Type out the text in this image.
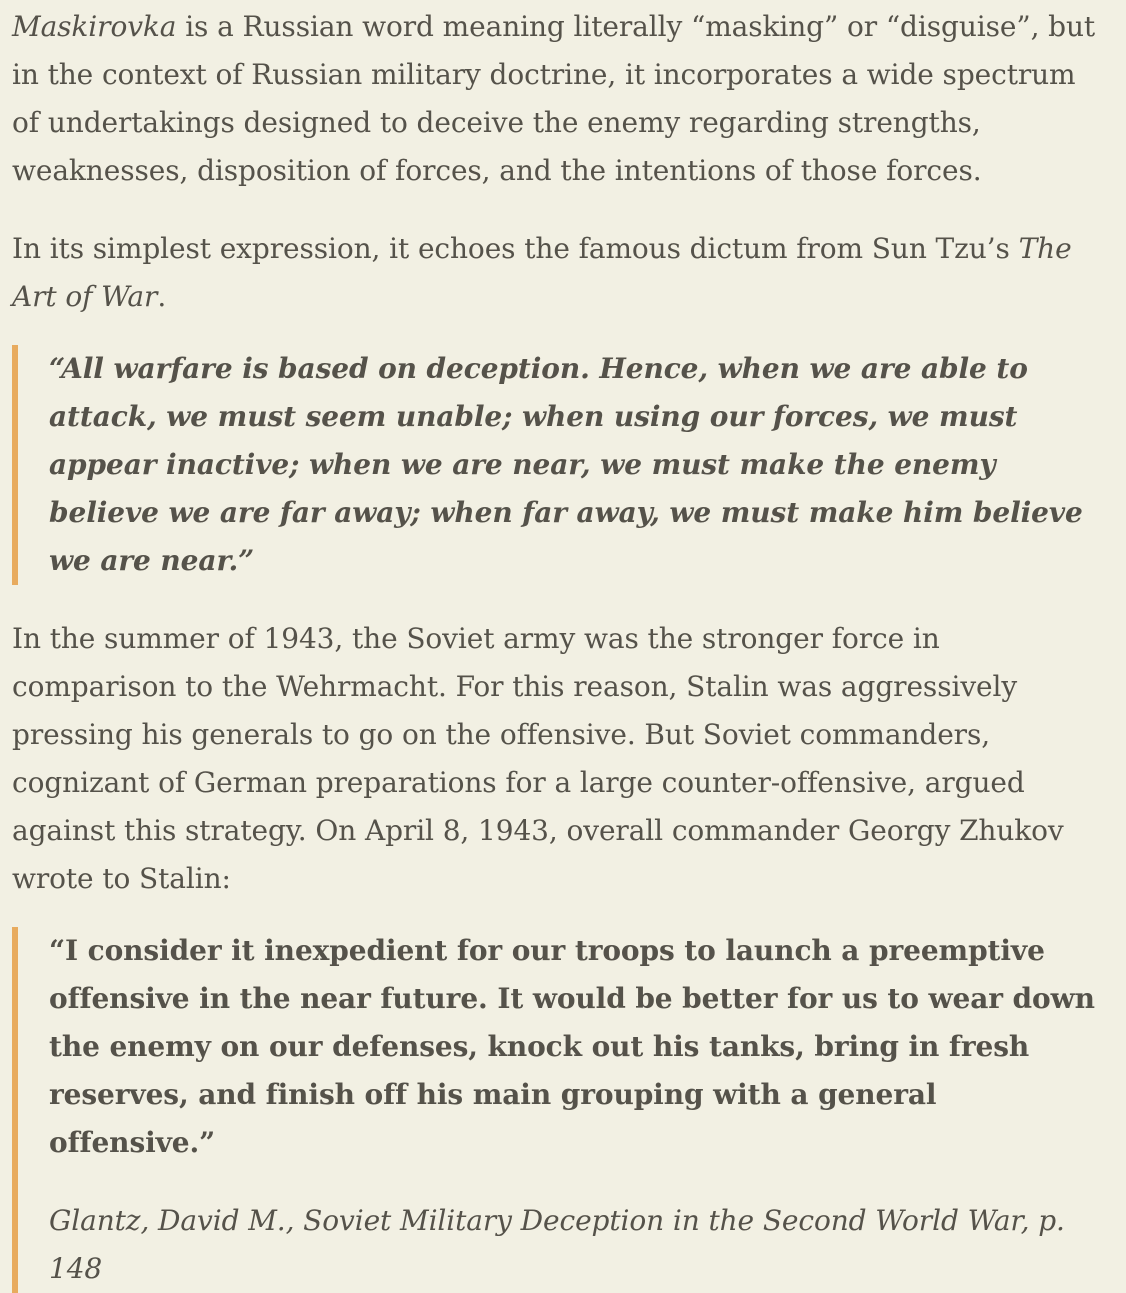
Maskirovka is a Russian word meaning literally “masking” or “disguise”, but in the context of Russian military doctrine, it incorporates a wide spectrum of undertakings designed to deceive the enemy regarding strengths, weaknesses, disposition of forces, and the intentions of those forces.

In its simplest expression, it echoes the famous dictum from Sun Tzu’s The Art of War.

“All warfare is based on deception. Hence, when we are able to attack, we must seem unable; when using our forces, we must appear inactive; when we are near, we must make the enemy believe we are far away; when far away, we must make him believe we are near.”

In the summer of 1943, the Soviet army was the stronger force in comparison to the Wehrmacht. For this reason, Stalin was aggressively pressing his generals to go on the offensive. But Soviet commanders, cognizant of German preparations for a large counter-offensive, argued against this strategy. On April 8, 1943, overall commander Georgy Zhukov wrote to Stalin:

“I consider it inexpedient for our troops to launch a preemptive offensive in the near future. It would be better for us to wear down the enemy on our defenses, knock out his tanks, bring in fresh reserves, and finish off his main grouping with a general offensive.”
Glantz, David M., Soviet Military Deception in the Second World War, p. 148
